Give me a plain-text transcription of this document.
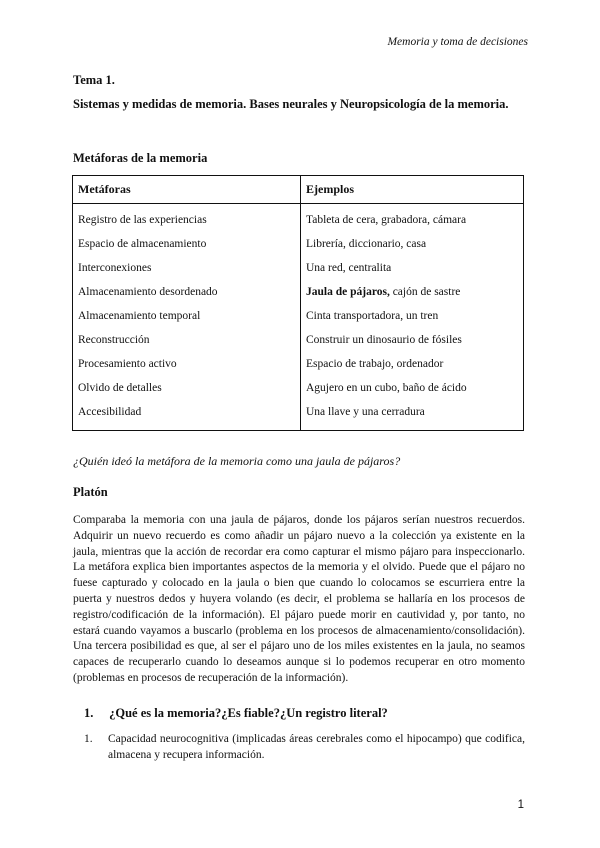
Memoria y toma de decisiones
Tema 1.
Sistemas y medidas de memoria. Bases neurales y Neuropsicología de la memoria.
Metáforas de la memoria
Metáforas	Ejemplos
Registro de las experiencias	Tableta de cera, grabadora, cámara
Espacio de almacenamiento	Librería, diccionario, casa
Interconexiones	Una red, centralita
Almacenamiento desordenado	Jaula de pájaros, cajón de sastre
Almacenamiento temporal	Cinta transportadora, un tren
Reconstrucción	Construir un dinosaurio de fósiles
Procesamiento activo	Espacio de trabajo, ordenador
Olvido de detalles	Agujero en un cubo, baño de ácido
Accesibilidad	Una llave y una cerradura
¿Quién ideó la metáfora de la memoria como una jaula de pájaros?
Platón
Comparaba la memoria con una jaula de pájaros, donde los pájaros serían nuestros recuerdos. Adquirir un nuevo recuerdo es como añadir un pájaro nuevo a la colección ya existente en la jaula, mientras que la acción de recordar era como capturar el mismo pájaro para inspeccionarlo. La metáfora explica bien importantes aspectos de la memoria y el olvido. Puede que el pájaro no fuese capturado y colocado en la jaula o bien que cuando lo colocamos se escurriera entre la puerta y nuestros dedos y huyera volando (es decir, el problema se hallaría en los procesos de registro/codificación de la información). El pájaro puede morir en cautividad y, por tanto, no estará cuando vayamos a buscarlo (problema en los procesos de almacenamiento/consolidación). Una tercera posibilidad es que, al ser el pájaro uno de los miles existentes en la jaula, no seamos capaces de recuperarlo cuando lo deseamos aunque si lo podemos recuperar en otro momento (problemas en procesos de recuperación de la información).
1. ¿Qué es la memoria?¿Es fiable?¿Un registro literal?
1. Capacidad neurocognitiva (implicadas áreas cerebrales como el hipocampo) que codifica, almacena y recupera información.
1
